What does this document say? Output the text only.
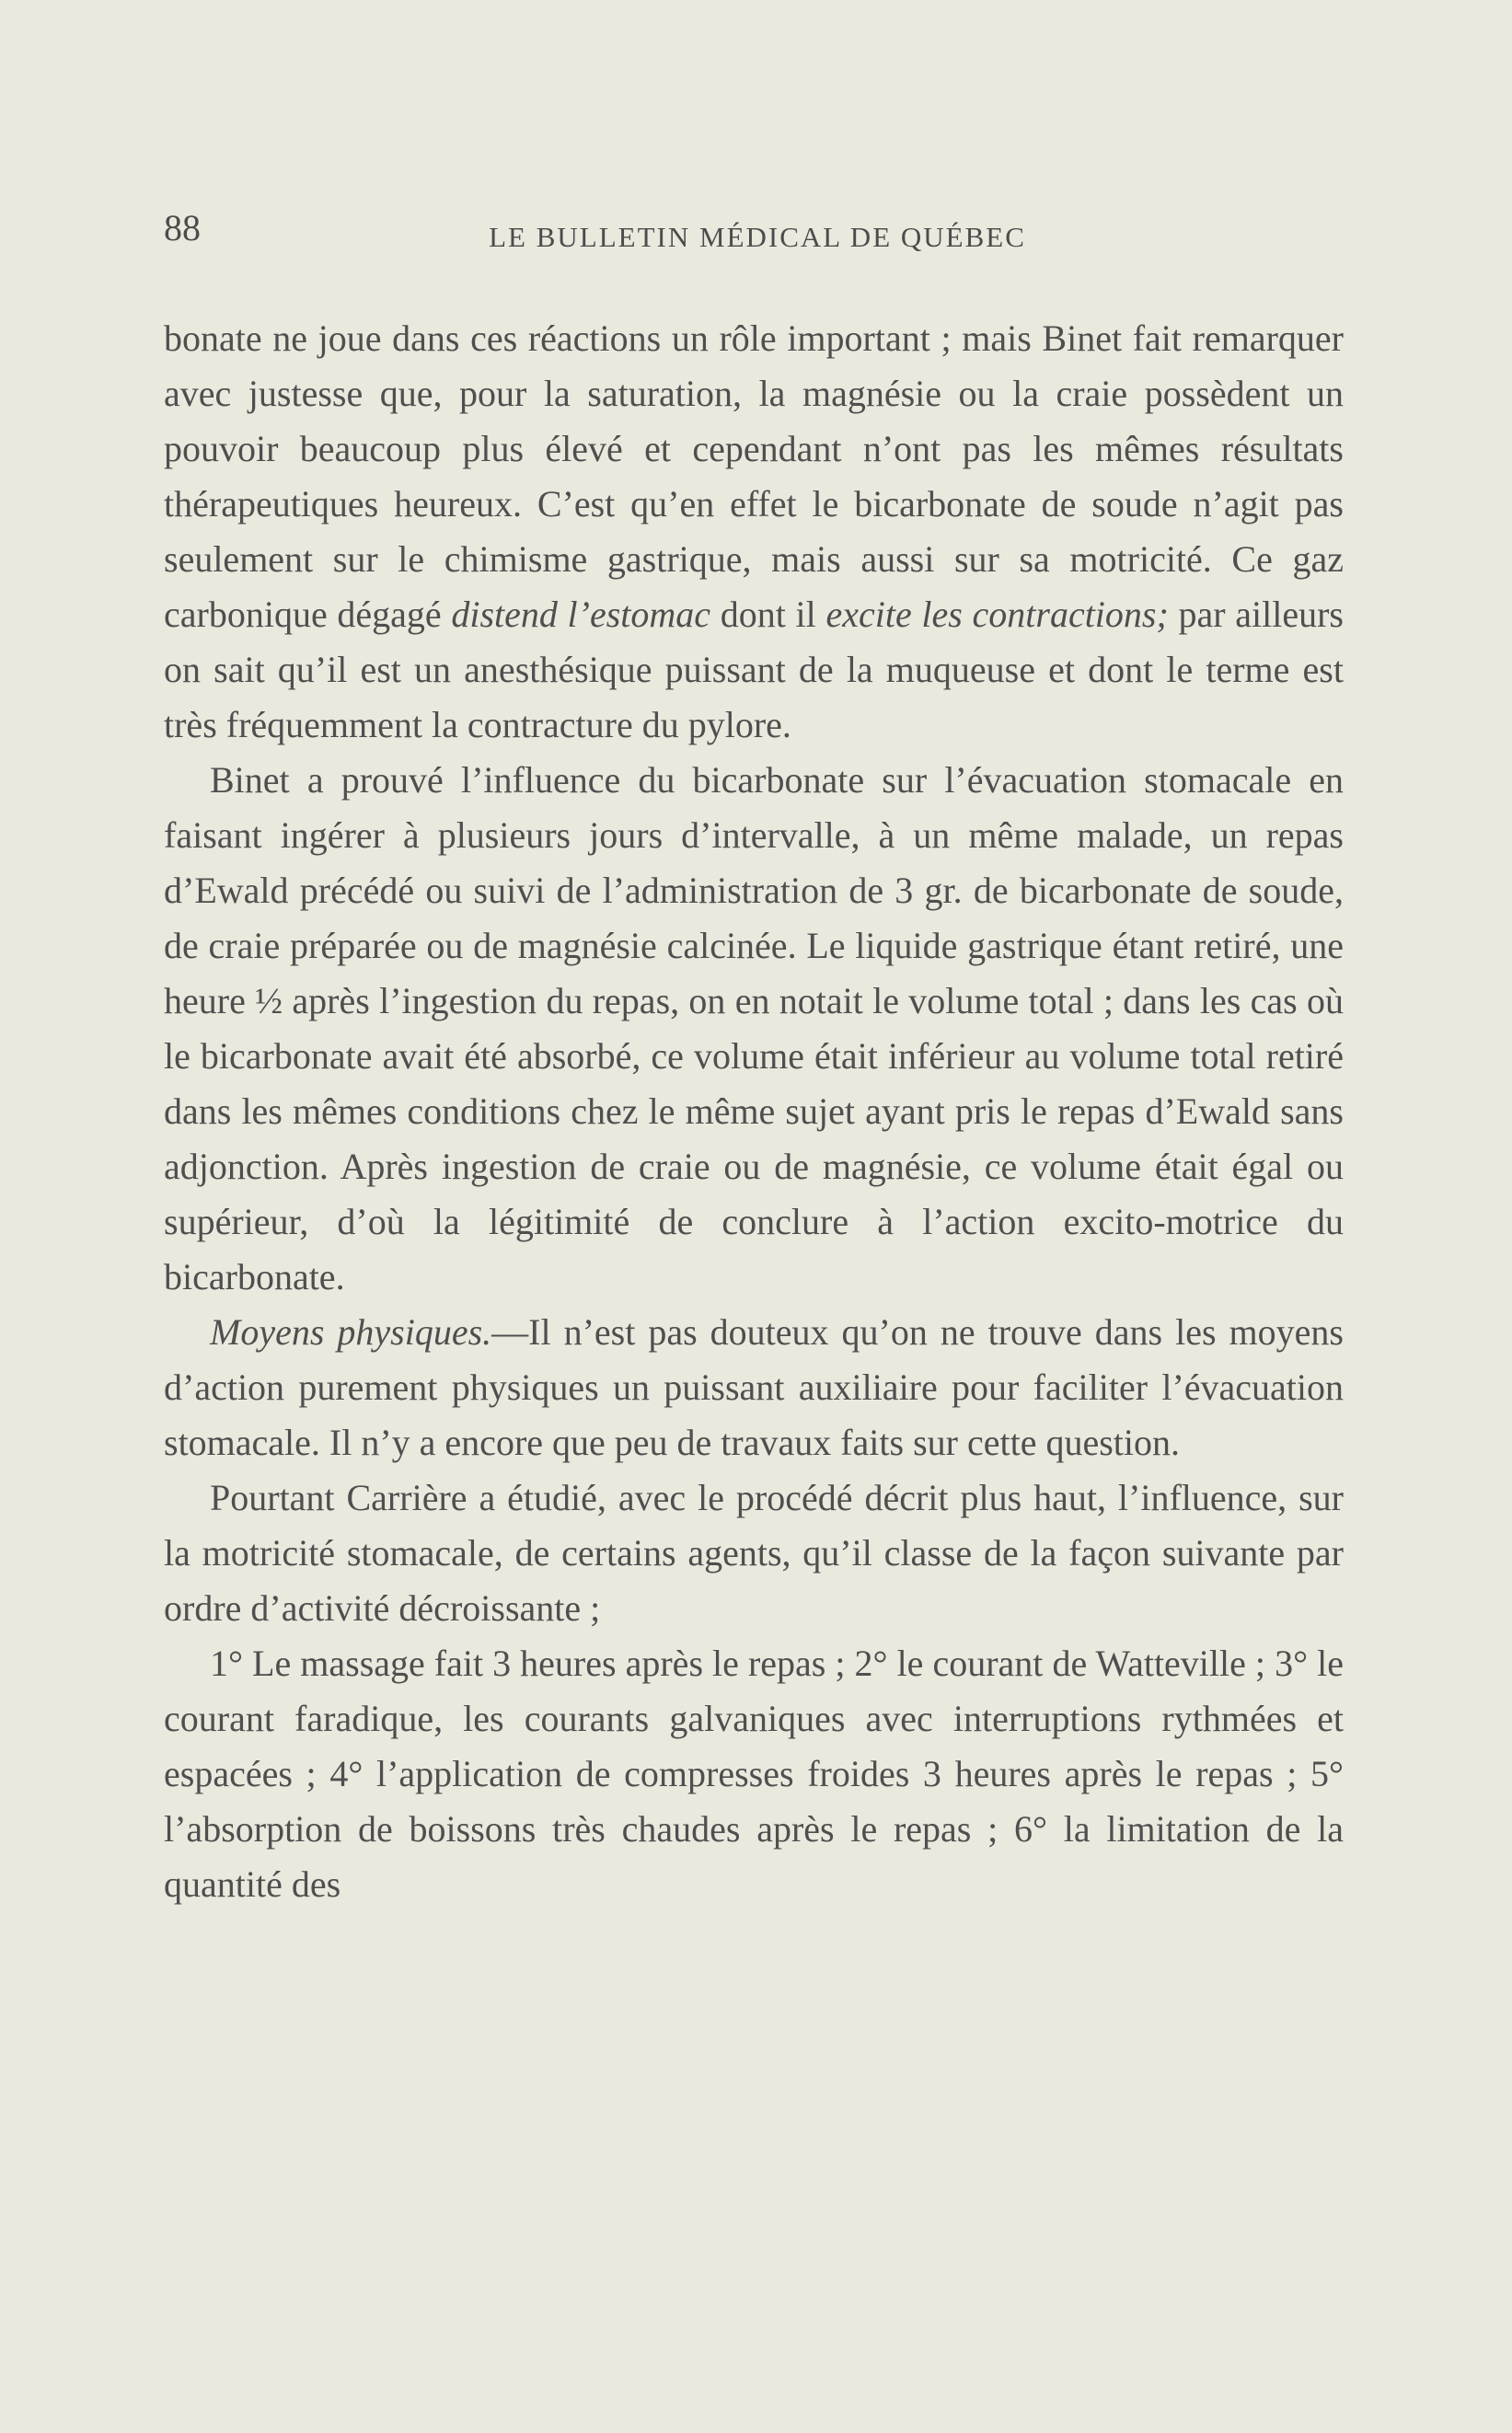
88	LE BULLETIN MÉDICAL DE QUÉBEC

bonate ne joue dans ces réactions un rôle important ; mais Binet fait remarquer avec justesse que, pour la saturation, la magnésie ou la craie possèdent un pouvoir beaucoup plus élevé et cependant n’ont pas les mêmes résultats thérapeutiques heureux. C’est qu’en effet le bicarbonate de soude n’agit pas seulement sur le chimisme gastrique, mais aussi sur sa motricité. Ce gaz carbonique dégagé distend l’estomac dont il excite les contractions; par ailleurs on sait qu’il est un anesthésique puissant de la muqueuse et dont le terme est très fréquemment la contracture du pylore.

Binet a prouvé l’influence du bicarbonate sur l’évacuation stomacale en faisant ingérer à plusieurs jours d’intervalle, à un même malade, un repas d’Ewald précédé ou suivi de l’administration de 3 gr. de bicarbonate de soude, de craie préparée ou de magnésie calcinée. Le liquide gastrique étant retiré, une heure ½ après l’ingestion du repas, on en notait le volume total ; dans les cas où le bicarbonate avait été absorbé, ce volume était inférieur au volume total retiré dans les mêmes conditions chez le même sujet ayant pris le repas d’Ewald sans adjonction. Après ingestion de craie ou de magnésie, ce volume était égal ou supérieur, d’où la légitimité de conclure à l’action excito-motrice du bicarbonate.

Moyens physiques.—Il n’est pas douteux qu’on ne trouve dans les moyens d’action purement physiques un puissant auxiliaire pour faciliter l’évacuation stomacale. Il n’y a encore que peu de travaux faits sur cette question.

Pourtant Carrière a étudié, avec le procédé décrit plus haut, l’influence, sur la motricité stomacale, de certains agents, qu’il classe de la façon suivante par ordre d’activité décroissante ;

1° Le massage fait 3 heures après le repas ; 2° le courant de Watteville ; 3° le courant faradique, les courants galvaniques avec interruptions rythmées et espacées ; 4° l’application de compresses froides 3 heures après le repas ; 5° l’absorption de boissons très chaudes après le repas ; 6° la limitation de la quantité des
